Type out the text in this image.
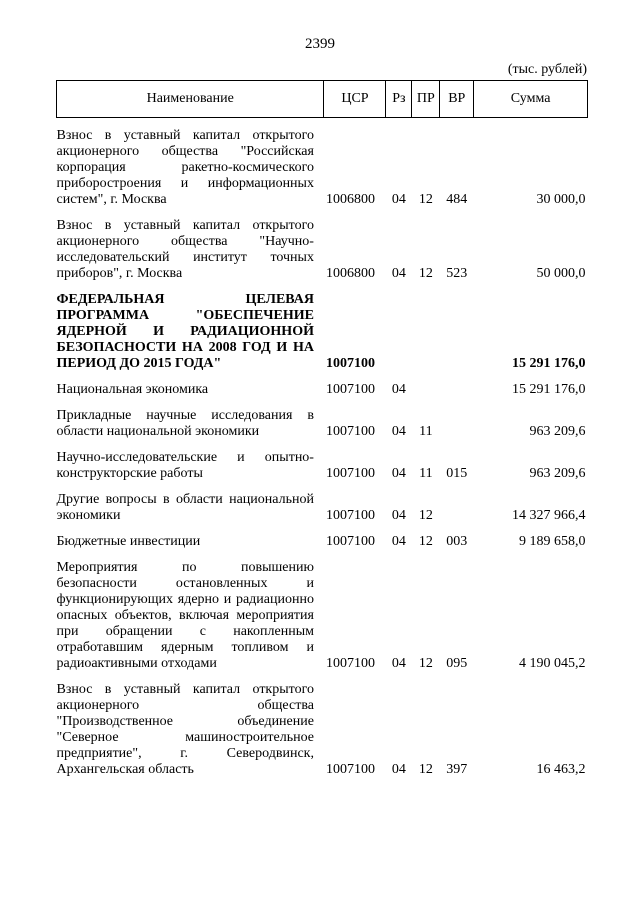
2399
(тыс. рублей)
Наименование	ЦСР	Рз	ПР	ВР	Сумма
Взнос в уставный капитал открытого акционерного общества "Российская корпорация ракетно-космического приборостроения и информационных систем", г. Москва	1006800	04	12	484	30 000,0
Взнос в уставный капитал открытого акционерного общества "Научно-исследовательский институт точных приборов", г. Москва	1006800	04	12	523	50 000,0
ФЕДЕРАЛЬНАЯ ЦЕЛЕВАЯ ПРОГРАММА "ОБЕСПЕЧЕНИЕ ЯДЕРНОЙ И РАДИАЦИОННОЙ БЕЗОПАСНОСТИ НА 2008 ГОД И НА ПЕРИОД ДО 2015 ГОДА"	1007100				15 291 176,0
Национальная экономика	1007100	04			15 291 176,0
Прикладные научные исследования в области национальной экономики	1007100	04	11		963 209,6
Научно-исследовательские и опытно-конструкторские работы	1007100	04	11	015	963 209,6
Другие вопросы в области национальной экономики	1007100	04	12		14 327 966,4
Бюджетные инвестиции	1007100	04	12	003	9 189 658,0
Мероприятия по повышению безопасности остановленных и функционирующих ядерно и радиационно опасных объектов, включая мероприятия при обращении с накопленным отработавшим ядерным топливом и радиоактивными отходами	1007100	04	12	095	4 190 045,2
Взнос в уставный капитал открытого акционерного общества "Производственное объединение "Северное машиностроительное предприятие", г. Северодвинск, Архангельская область	1007100	04	12	397	16 463,2
